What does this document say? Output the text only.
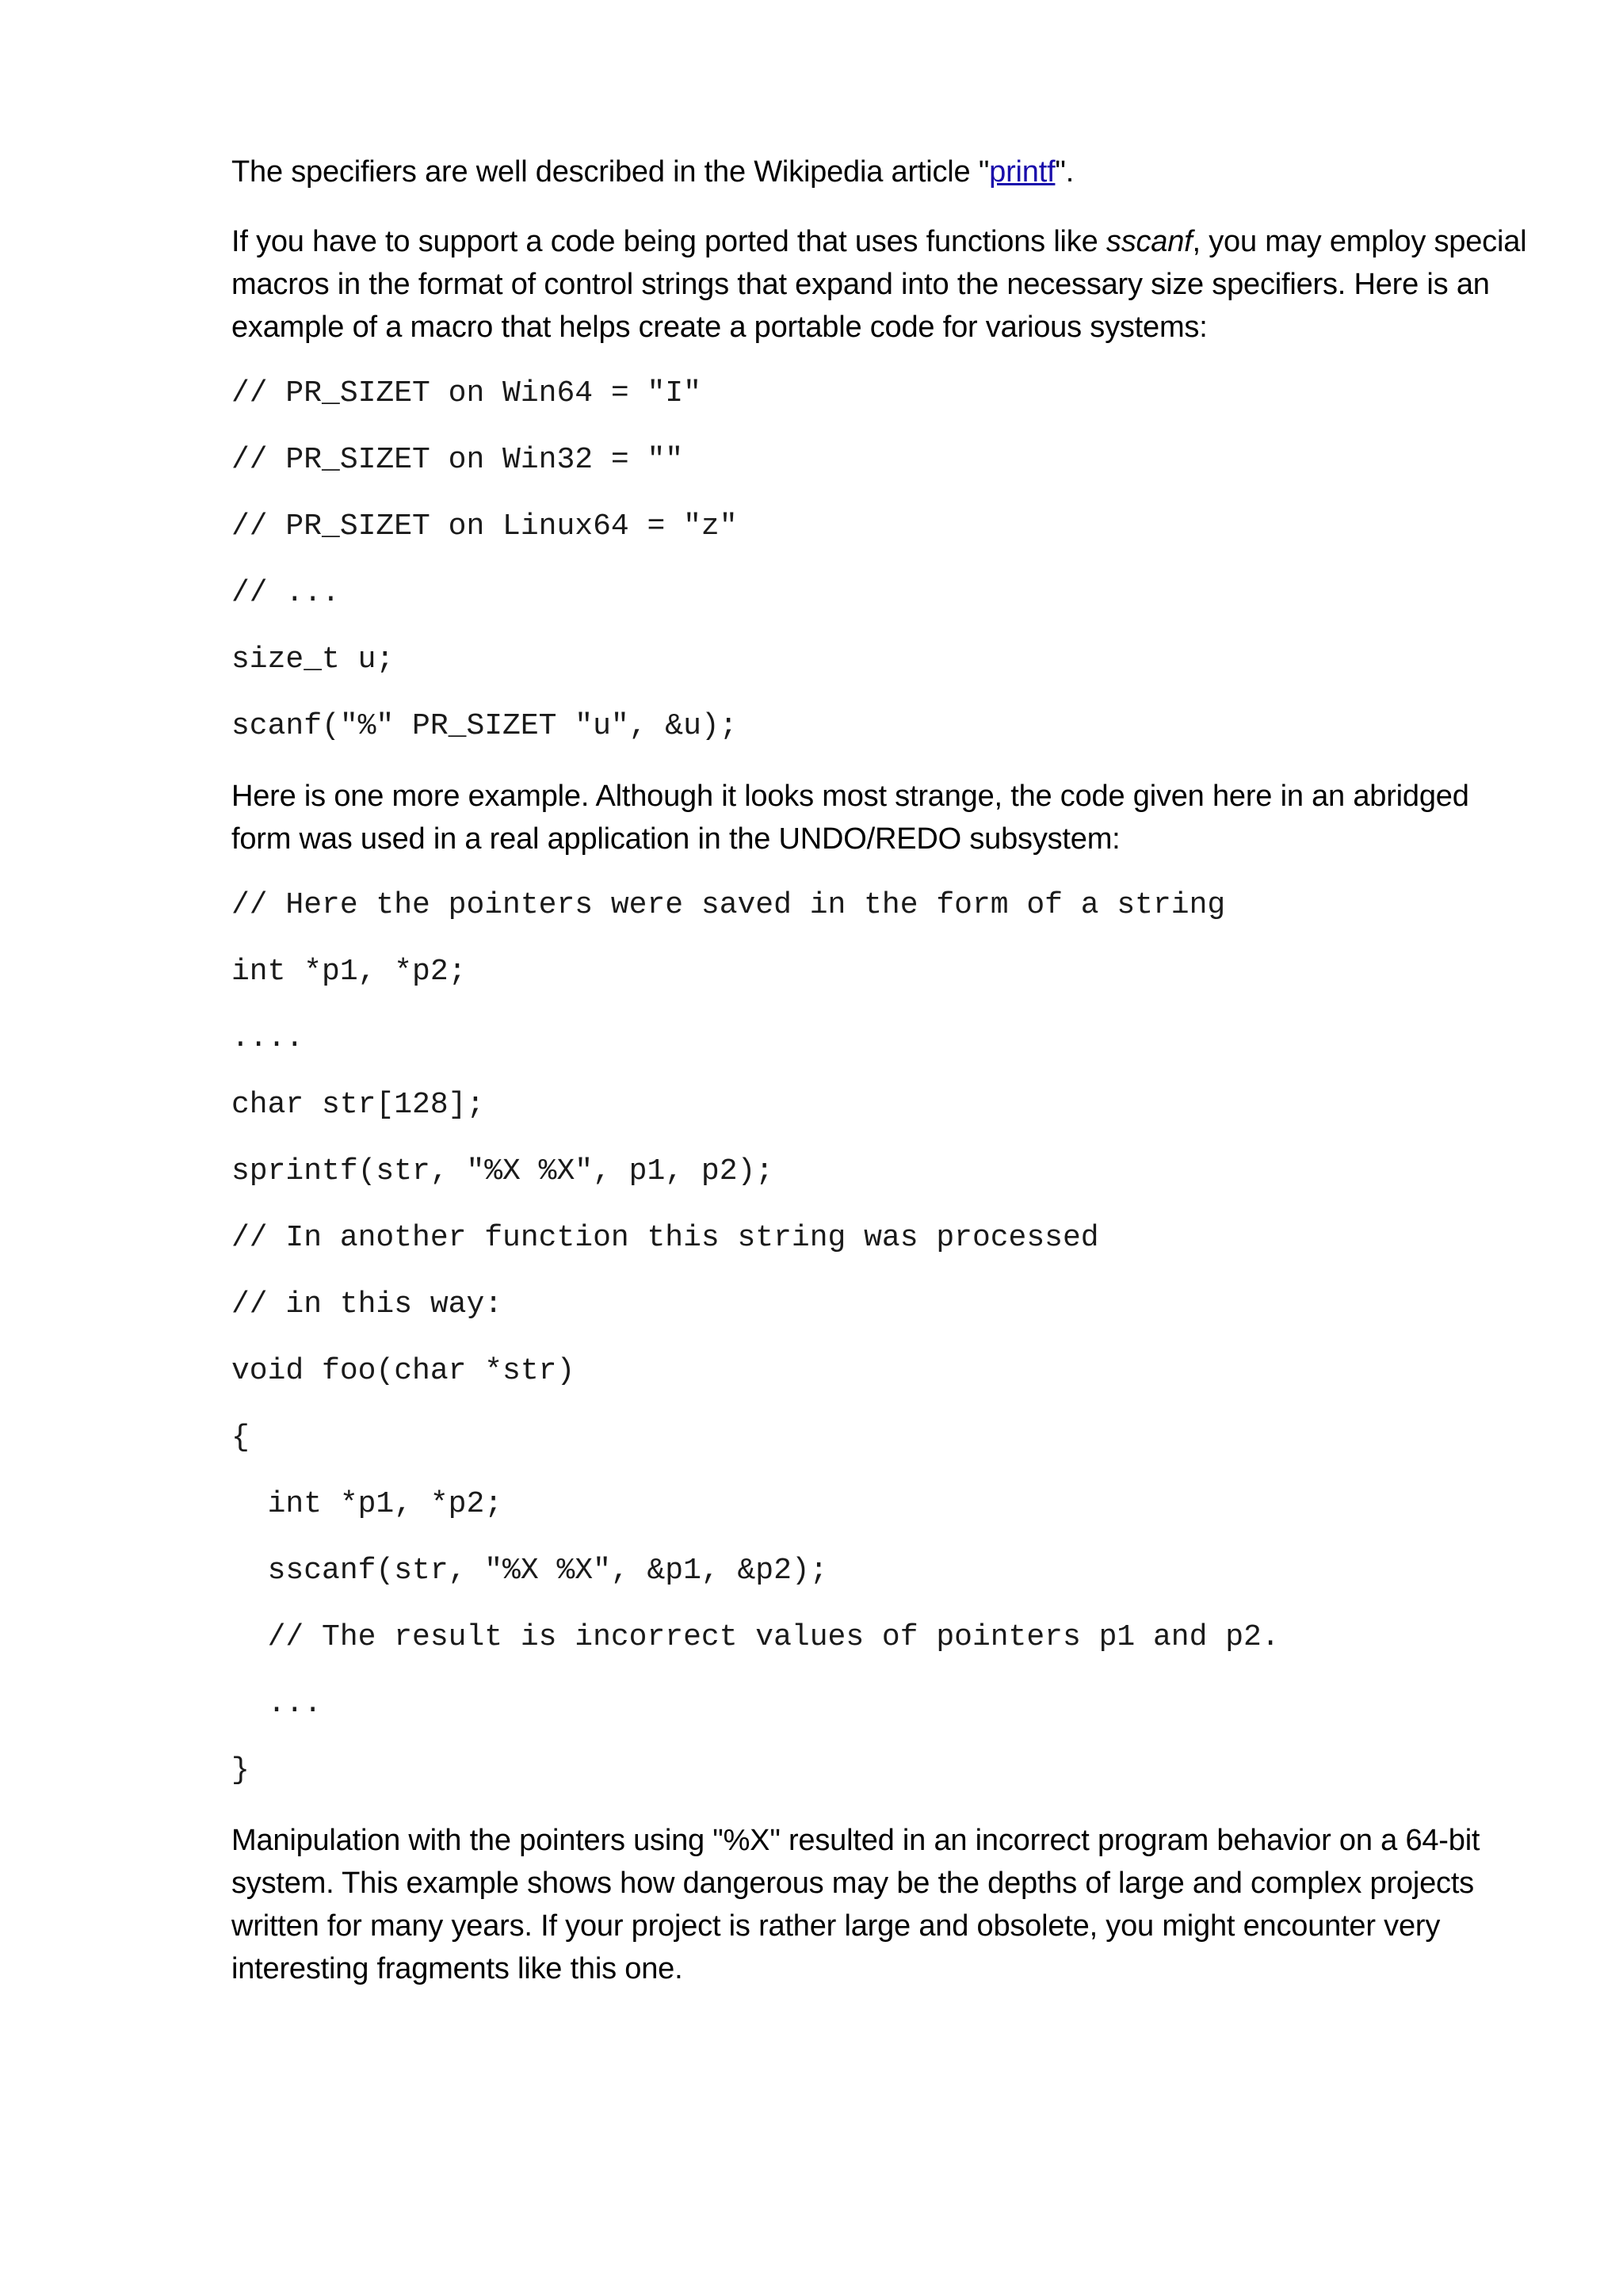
The specifiers are well described in the Wikipedia article "printf".

If you have to support a code being ported that uses functions like sscanf, you may employ special macros in the format of control strings that expand into the necessary size specifiers. Here is an example of a macro that helps create a portable code for various systems:

// PR_SIZET on Win64 = "I"
// PR_SIZET on Win32 = ""
// PR_SIZET on Linux64 = "z"
// ...
size_t u;
scanf("%" PR_SIZET "u", &u);

Here is one more example. Although it looks most strange, the code given here in an abridged form was used in a real application in the UNDO/REDO subsystem:

// Here the pointers were saved in the form of a string
int *p1, *p2;
....
char str[128];
sprintf(str, "%X %X", p1, p2);
// In another function this string was processed
// in this way:
void foo(char *str)
{
int *p1, *p2;
sscanf(str, "%X %X", &p1, &p2);
// The result is incorrect values of pointers p1 and p2.
...
}

Manipulation with the pointers using "%X" resulted in an incorrect program behavior on a 64-bit system. This example shows how dangerous may be the depths of large and complex projects written for many years. If your project is rather large and obsolete, you might encounter very interesting fragments like this one.
